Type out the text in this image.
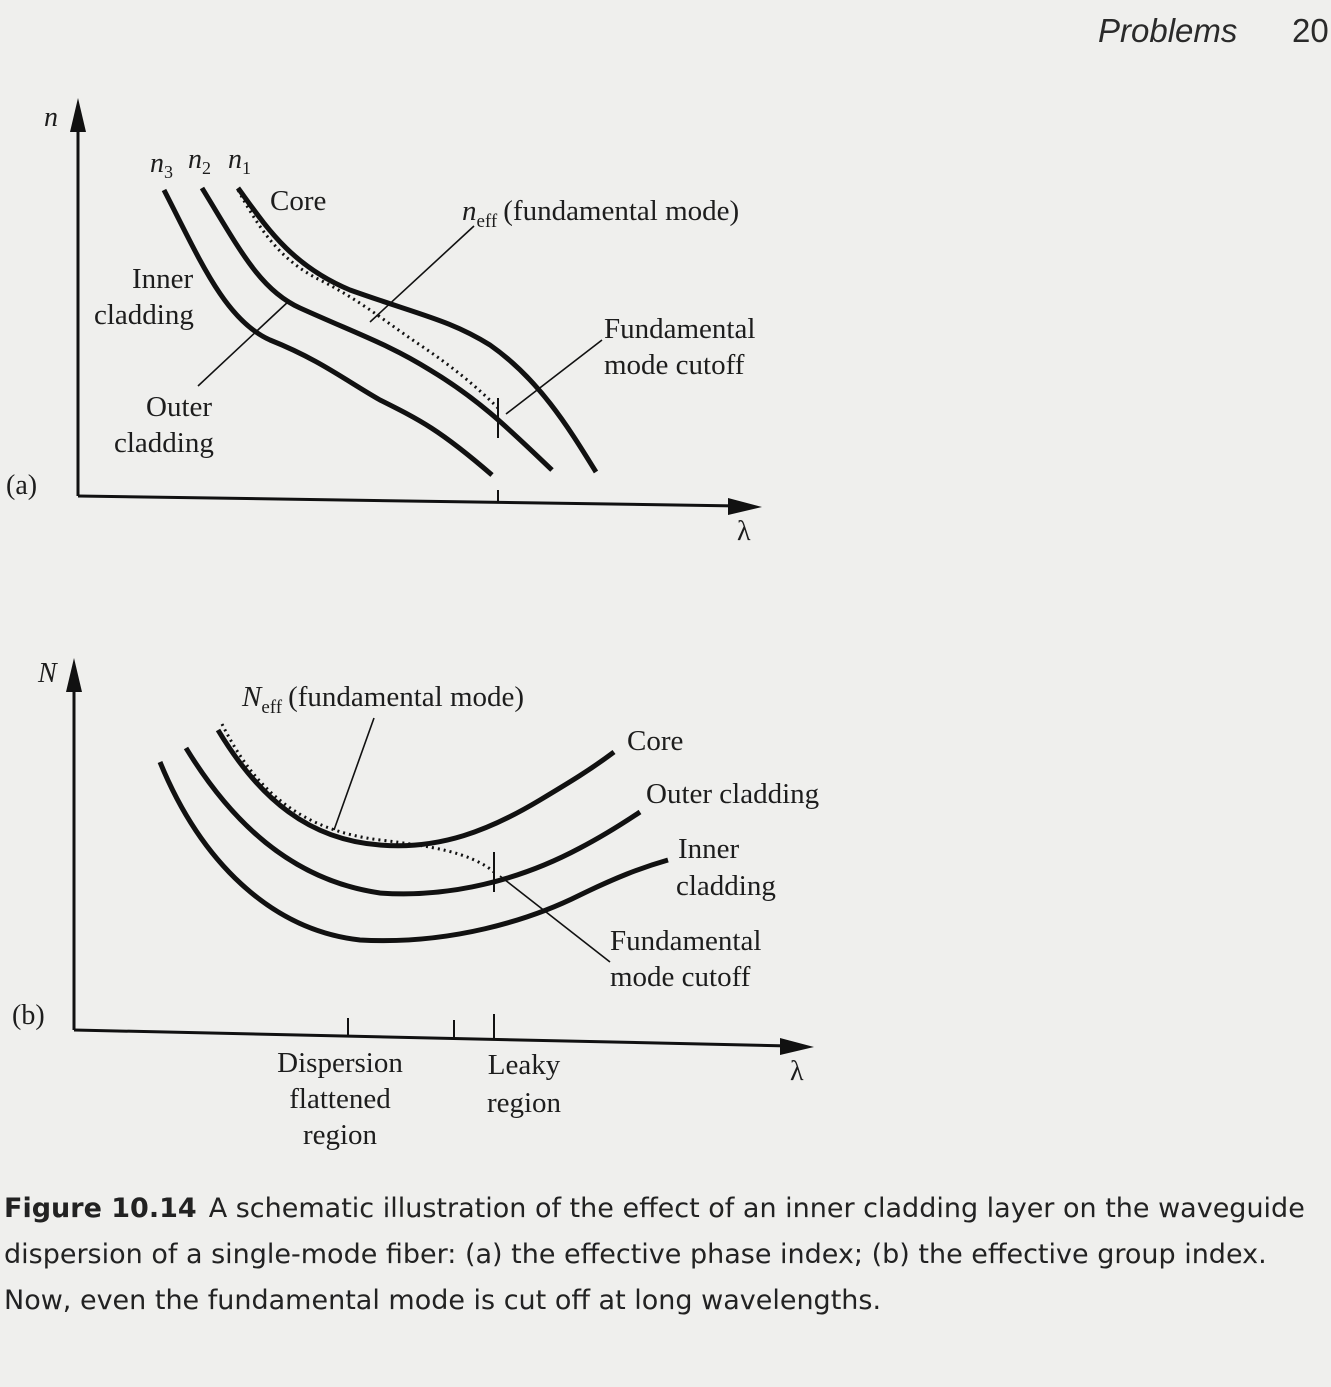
Problems 20
n
λ
(a)
$n_3$ $n_2$ $n_1$
Core
Inner
cladding
Outer
cladding
$n_{eff}$ (fundamental mode)
Fundamental
mode cutoff
N
λ
(b)
$N_{eff}$ (fundamental mode)
Core
Outer cladding
Inner
cladding
Fundamental
mode cutoff
Dispersion
flattened
region
Leaky
region
Figure 10.14 A schematic illustration of the effect of an inner cladding layer on the waveguide dispersion of a single-mode fiber: (a) the effective phase index; (b) the effective group index. Now, even the fundamental mode is cut off at long wavelengths.
